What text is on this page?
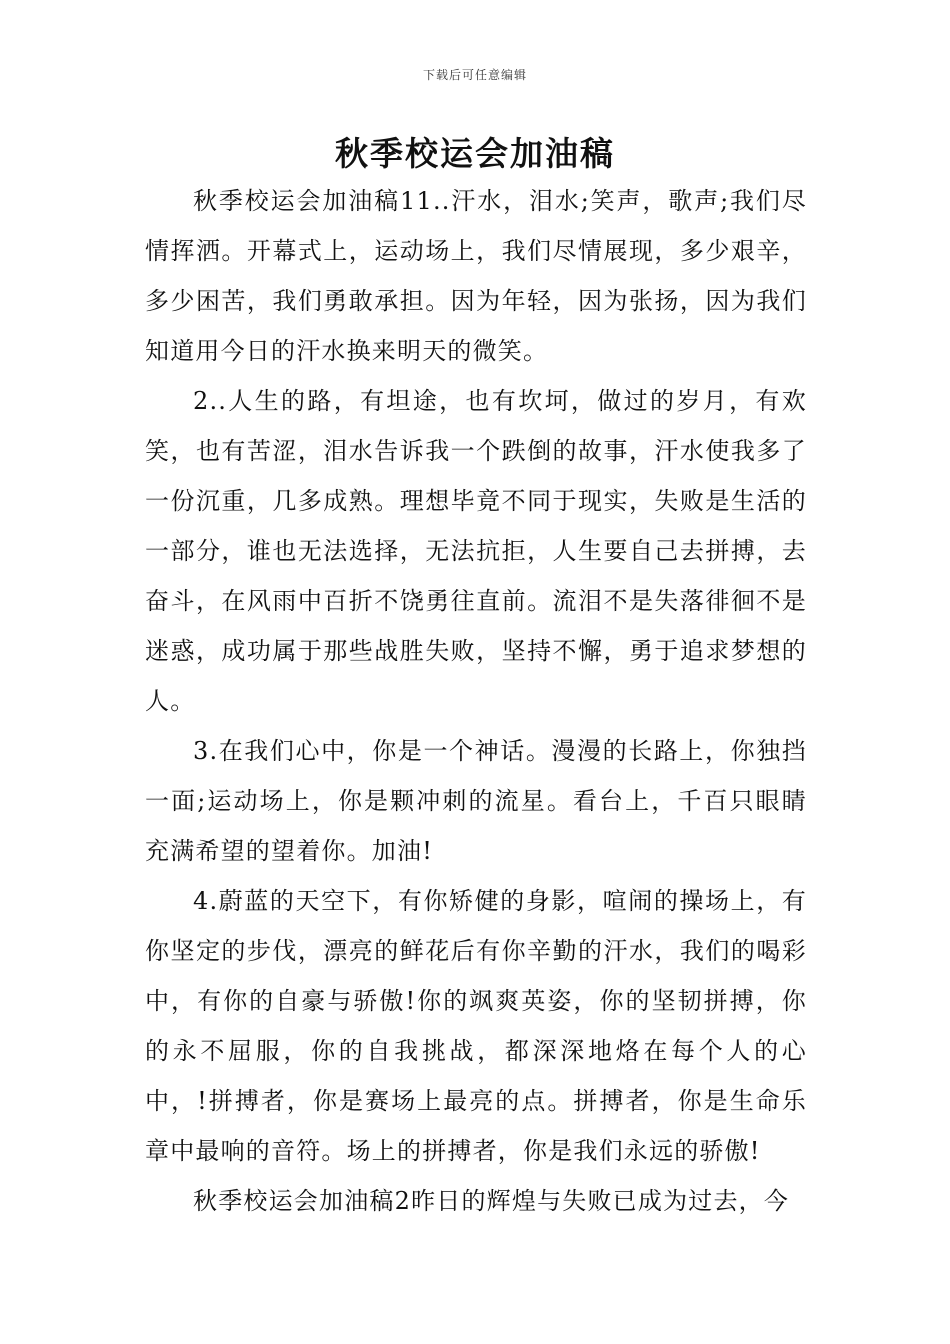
下载后可任意编辑
秋季校运会加油稿

秋季校运会加油稿11..汗水，泪水;笑声，歌声;我们尽情挥洒。开幕式上，运动场上，我们尽情展现，多少艰辛，多少困苦，我们勇敢承担。因为年轻，因为张扬，因为我们知道用今日的汗水换来明天的微笑。

2..人生的路，有坦途，也有坎坷，做过的岁月，有欢笑，也有苦涩，泪水告诉我一个跌倒的故事，汗水使我多了一份沉重，几多成熟。理想毕竟不同于现实，失败是生活的一部分，谁也无法选择，无法抗拒，人生要自己去拼搏，去奋斗，在风雨中百折不饶勇往直前。流泪不是失落徘徊不是迷惑，成功属于那些战胜失败，坚持不懈，勇于追求梦想的人。

3.在我们心中，你是一个神话。漫漫的长路上，你独挡一面;运动场上，你是颗冲刺的流星。看台上，千百只眼睛充满希望的望着你。加油!

4.蔚蓝的天空下，有你矫健的身影，喧闹的操场上，有你坚定的步伐，漂亮的鲜花后有你辛勤的汗水，我们的喝彩中，有你的自豪与骄傲!你的飒爽英姿，你的坚韧拼搏，你的永不屈服，你的自我挑战，都深深地烙在每个人的心中，!拼搏者，你是赛场上最亮的点。拼搏者，你是生命乐章中最响的音符。场上的拼搏者，你是我们永远的骄傲!

秋季校运会加油稿2昨日的辉煌与失败已成为过去，今
